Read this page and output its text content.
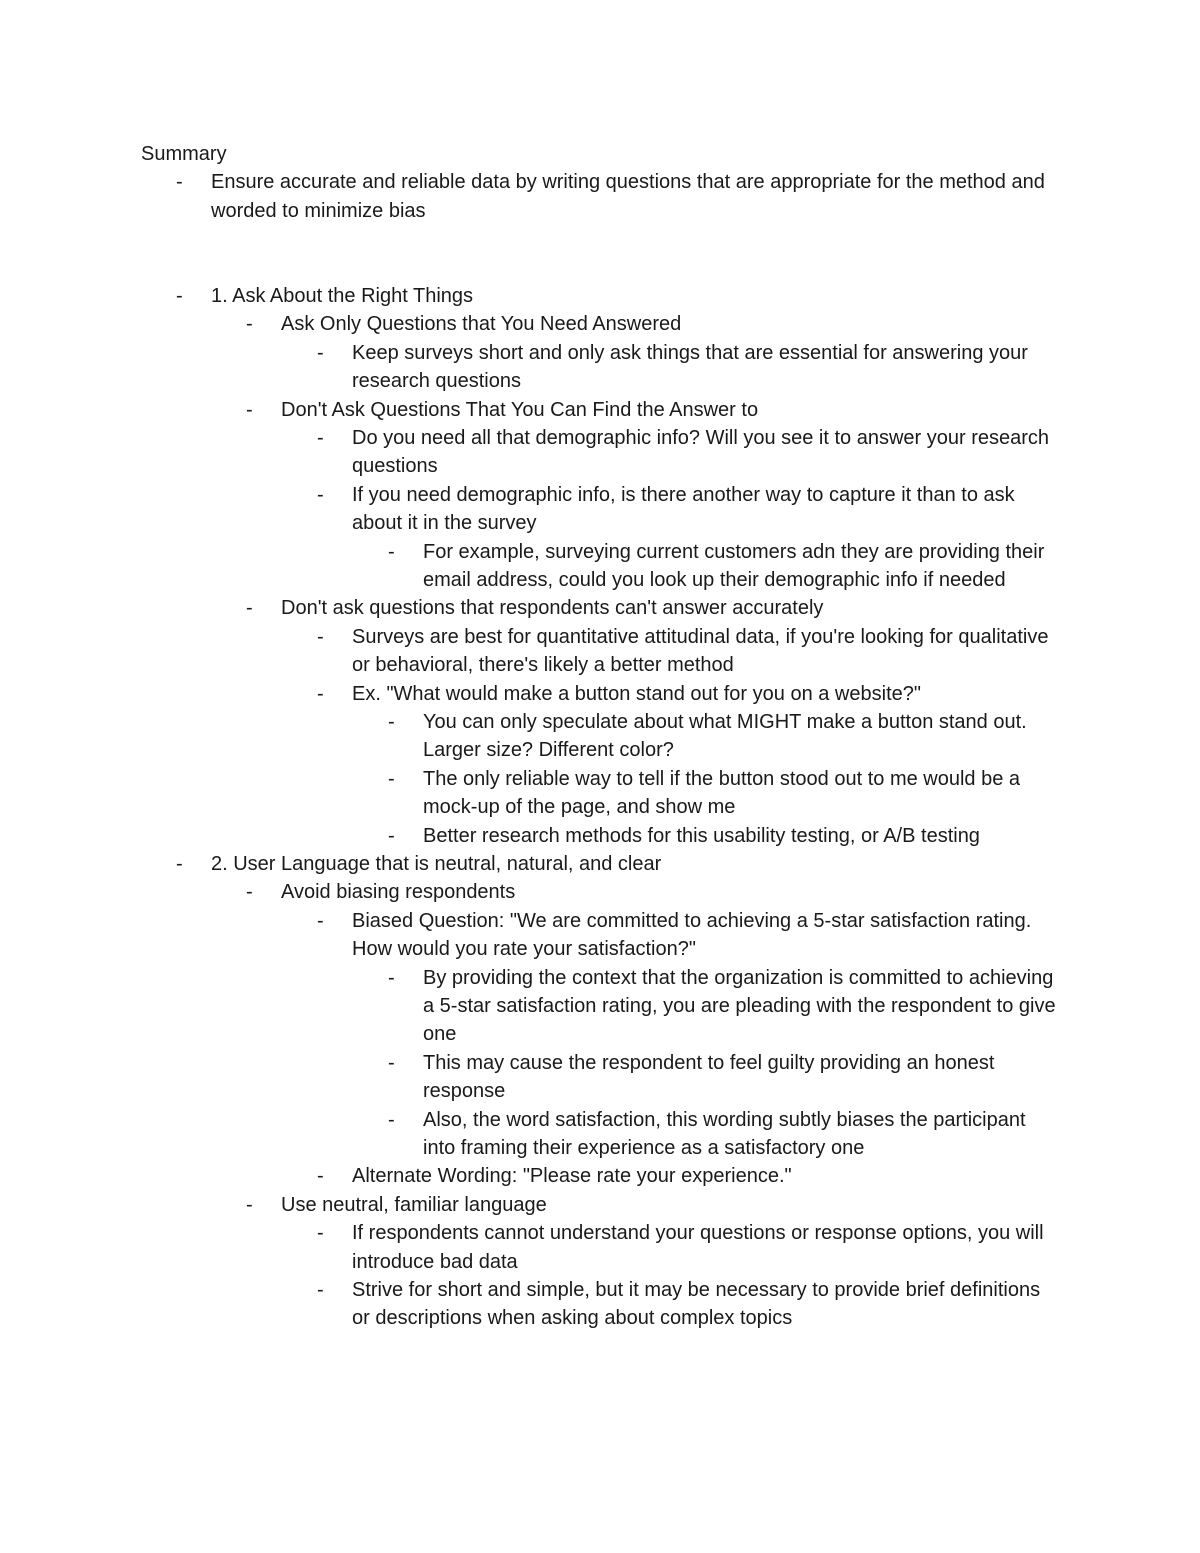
Summary
-	Ensure accurate and reliable data by writing questions that are appropriate for the method and worded to minimize bias
-	1. Ask About the Right Things
-	Ask Only Questions that You Need Answered
-	Keep surveys short and only ask things that are essential for answering your research questions
-	Don't Ask Questions That You Can Find the Answer to
-	Do you need all that demographic info? Will you see it to answer your research questions
-	If you need demographic info, is there another way to capture it than to ask about it in the survey
-	For example, surveying current customers adn they are providing their email address, could you look up their demographic info if needed
-	Don't ask questions that respondents can't answer accurately
-	Surveys are best for quantitative attitudinal data, if you're looking for qualitative or behavioral, there's likely a better method
-	Ex. "What would make a button stand out for you on a website?"
-	You can only speculate about what MIGHT make a button stand out. Larger size? Different color?
-	The only reliable way to tell if the button stood out to me would be a mock-up of the page, and show me
-	Better research methods for this usability testing, or A/B testing
-	2. User Language that is neutral, natural, and clear
-	Avoid biasing respondents
-	Biased Question: "We are committed to achieving a 5-star satisfaction rating. How would you rate your satisfaction?"
-	By providing the context that the organization is committed to achieving a 5-star satisfaction rating, you are pleading with the respondent to give one
-	This may cause the respondent to feel guilty providing an honest response
-	Also, the word satisfaction, this wording subtly biases the participant into framing their experience as a satisfactory one
-	Alternate Wording: "Please rate your experience."
-	Use neutral, familiar language
-	If respondents cannot understand your questions or response options, you will introduce bad data
-	Strive for short and simple, but it may be necessary to provide brief definitions or descriptions when asking about complex topics
